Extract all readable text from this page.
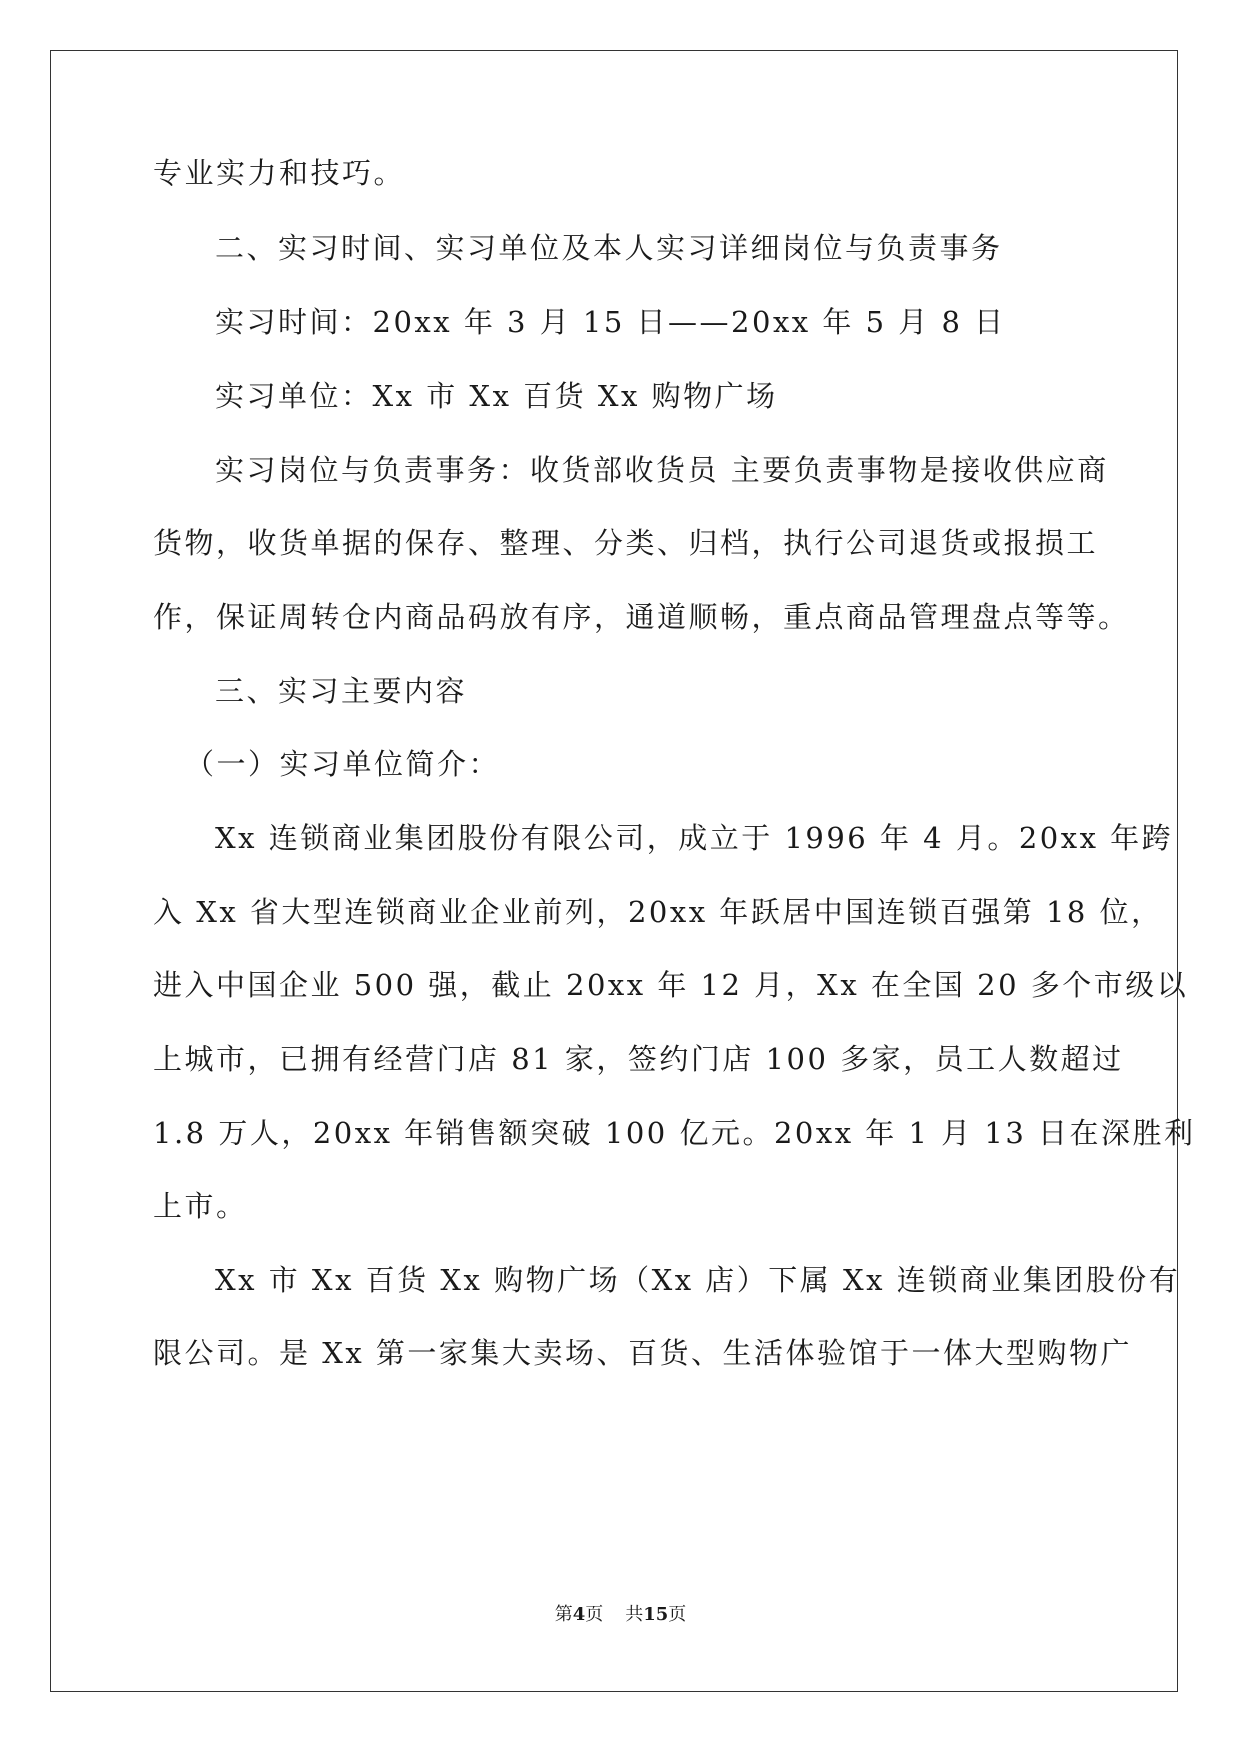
专业实力和技巧。
二、实习时间、实习单位及本人实习详细岗位与负责事务
实习时间：20xx 年 3 月 15 日——20xx 年 5 月 8 日
实习单位：Xx 市 Xx 百货 Xx 购物广场
实习岗位与负责事务：收货部收货员 主要负责事物是接收供应商
货物，收货单据的保存、整理、分类、归档，执行公司退货或报损工
作，保证周转仓内商品码放有序，通道顺畅，重点商品管理盘点等等。
三、实习主要内容
（一）实习单位简介：
Xx 连锁商业集团股份有限公司，成立于 1996 年 4 月。20xx 年跨
入 Xx 省大型连锁商业企业前列，20xx 年跃居中国连锁百强第 18 位，
进入中国企业 500 强，截止 20xx 年 12 月，Xx 在全国 20 多个市级以
上城市，已拥有经营门店 81 家，签约门店 100 多家，员工人数超过
1.8 万人，20xx 年销售额突破 100 亿元。20xx 年 1 月 13 日在深胜利
上市。
Xx 市 Xx 百货 Xx 购物广场（Xx 店）下属 Xx 连锁商业集团股份有
限公司。是 Xx 第一家集大卖场、百货、生活体验馆于一体大型购物广
第4页 共15页
